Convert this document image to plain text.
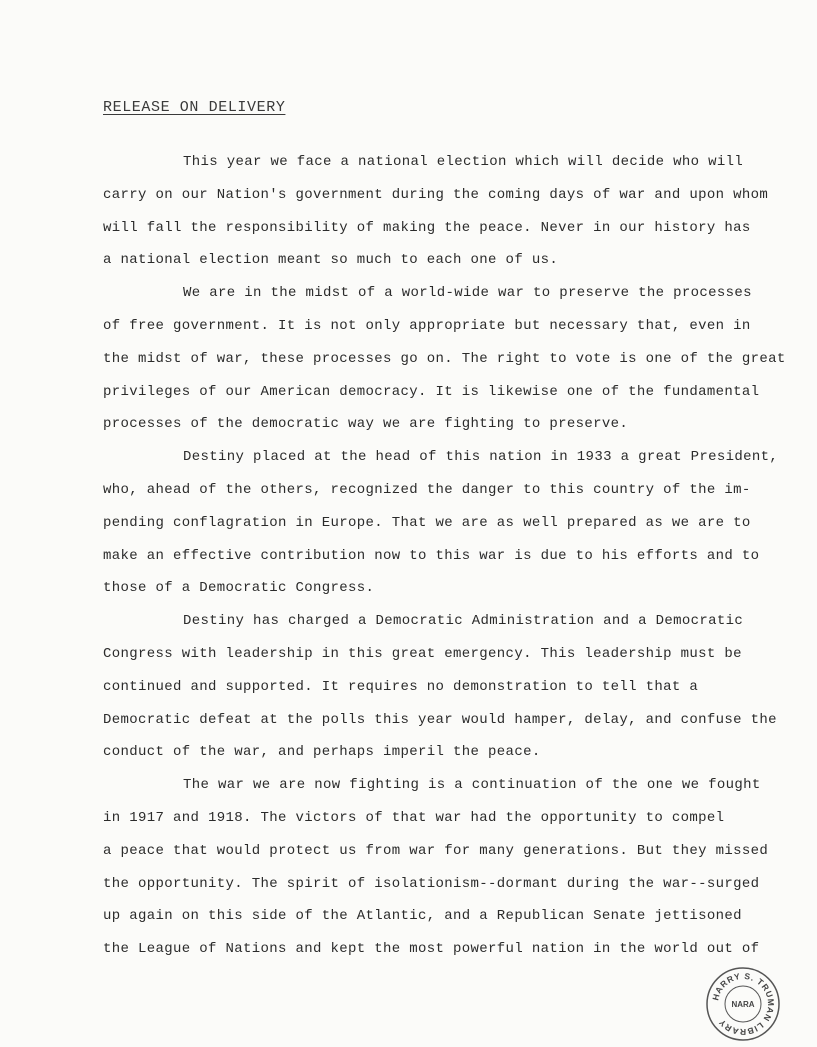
RELEASE ON DELIVERY
This year we face a national election which will decide who will
carry on our Nation's government during the coming days of war and upon whom
will fall the responsibility of making the peace. Never in our history has
a national election meant so much to each one of us.
We are in the midst of a world-wide war to preserve the processes
of free government. It is not only appropriate but necessary that, even in
the midst of war, these processes go on. The right to vote is one of the great
privileges of our American democracy. It is likewise one of the fundamental
processes of the democratic way we are fighting to preserve.
Destiny placed at the head of this nation in 1933 a great President,
who, ahead of the others, recognized the danger to this country of the im-
pending conflagration in Europe. That we are as well prepared as we are to
make an effective contribution now to this war is due to his efforts and to
those of a Democratic Congress.
Destiny has charged a Democratic Administration and a Democratic
Congress with leadership in this great emergency. This leadership must be
continued and supported. It requires no demonstration to tell that a
Democratic defeat at the polls this year would hamper, delay, and confuse the
conduct of the war, and perhaps imperil the peace.
The war we are now fighting is a continuation of the one we fought
in 1917 and 1918. The victors of that war had the opportunity to compel
a peace that would protect us from war for many generations. But they missed
the opportunity. The spirit of isolationism--dormant during the war--surged
up again on this side of the Atlantic, and a Republican Senate jettisoned
the League of Nations and kept the most powerful nation in the world out of
HARRY S. TRUMAN LIBRARY
NARA
